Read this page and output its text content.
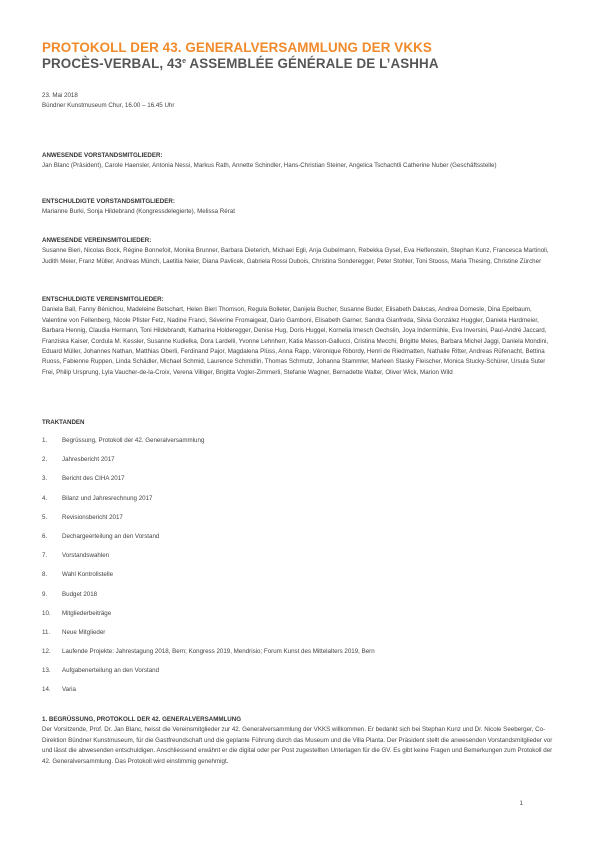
PROTOKOLL DER 43. GENERALVERSAMMLUNG DER VKKS
PROCÈS-VERBAL, 43e ASSEMBLÉE GÉNÉRALE DE L’ASHHA
23. Mai 2018
Bündner Kunstmuseum Chur, 16.00 – 16.45 Uhr
ANWESENDE VORSTANDSMITGLIEDER:
Jan Blanc (Präsident), Carole Haensler, Antonia Nessi, Markus Rath, Annette Schindler, Hans-Christian Steiner, Angelica Tschachtli Catherine Nuber (Geschäftsstelle)
ENTSCHULDIGTE VORSTANDSMITGLIEDER:
Marianne Burki, Sonja Hildebrand (Kongressdelegierte), Melissa Rérat
ANWESENDE VEREINSMITGLIEDER:
Susanne Bieri, Nicolas Bock, Régine Bonnefoit, Monika Brunner, Barbara Dieterich, Michael Egli, Anja Gubelmann, Rebekka Gysel, Eva Helfenstein, Stephan Kunz, Francesca Martinoli, Judith Meier, Franz Müller, Andreas Münch, Laetitia Neier, Diana Pavlicek, Gabriela Rossi Dubois, Christina Sonderegger, Peter Stohler, Toni Stooss, Maria Thesing, Christine Zürcher
ENTSCHULDIGTE VEREINSMITGLIEDER:
Daniela Ball, Fanny Bénichou, Madeleine Betschart, Helen Bieri Thomson, Regula Bolleter, Danijela Bucher, Susanne Buder, Elisabeth Dalucas, Andrea Domesle, Dina Epelbaum, Valentine von Fellenberg, Nicole Pfister Fetz, Nadine Franci, Séverine Fromaigeat, Dario Gamboni, Elisabeth Garner, Sandra Gianfreda, Silvia González Huggler, Daniela Hardmeier, Barbara Hennig, Claudia Hermann, Toni Hildebrandt, Katharina Holderegger, Denise Hug, Doris Huggel, Kornelia Imesch Oechslin, Joya Indermühle, Eva Inversini, Paul-André Jaccard, Franziska Kaiser, Cordula M. Kessler, Susanne Kudielka, Dora Lardelli, Yvonne Lehnherr, Katia Masson-Gallucci, Cristina Mecchi, Brigitte Meles, Barbara Michel Jaggi, Daniela Mondini, Eduard Müller, Johannes Nathan, Matthias Oberli, Ferdinand Pajor, Magdalena Plüss, Anna Rapp, Véronique Ribordy, Henri de Riedmatten, Nathalie Ritter, Andreas Rüfenacht, Bettina Ruoss, Fabienne Ruppen, Linda Schädler, Michael Schmid, Laurence Schmidlin, Thomas Schmutz, Johanna Stammler, Marleen Stasky Fleischer, Monica Stucky-Schürer, Ursula Suter Frei, Philip Ursprung, Lyla Vaucher-de-la-Croix, Verena Villiger, Brigitta Vogler-Zimmerli, Stefanie Wagner, Bernadette Walter, Oliver Wick, Marion Wild
TRAKTANDEN
1. Begrüssung, Protokoll der 42. Generalversammlung
2. Jahresbericht 2017
3. Bericht des CIHA 2017
4. Bilanz und Jahresrechnung 2017
5. Revisionsbericht 2017
6. Dechargeerteilung an den Vorstand
7. Vorstandswahlen
8. Wahl Kontrollstelle
9. Budget 2018
10. Mitgliederbeiträge
11. Neue Mitglieder
12. Laufende Projekte: Jahrestagung 2018, Bern; Kongress 2019, Mendrisio; Forum Kunst des Mittelalters 2019, Bern
13. Aufgabenerteilung an den Vorstand
14. Varia
1. BEGRÜSSUNG, PROTOKOLL DER 42. GENERALVERSAMMLUNG
Der Vorsitzende, Prof. Dr. Jan Blanc, heisst die Vereinsmitglieder zur 42. Generalversammlung der VKKS willkommen. Er bedankt sich bei Stephan Kunz und Dr. Nicole Seeberger, Co-Direktion Bündner Kunstmuseum, für die Gastfreundschaft und die geplante Führung durch das Museum und die Villa Planta. Der Präsident stellt die anwesenden Vorstandsmitglieder vor und lässt die abwesenden entschuldigen. Anschliessend erwähnt er die digital oder per Post zugestellten Unterlagen für die GV. Es gibt keine Fragen und Bemerkungen zum Protokoll der 42. Generalversammlung. Das Protokoll wird einstimmig genehmigt.
1
